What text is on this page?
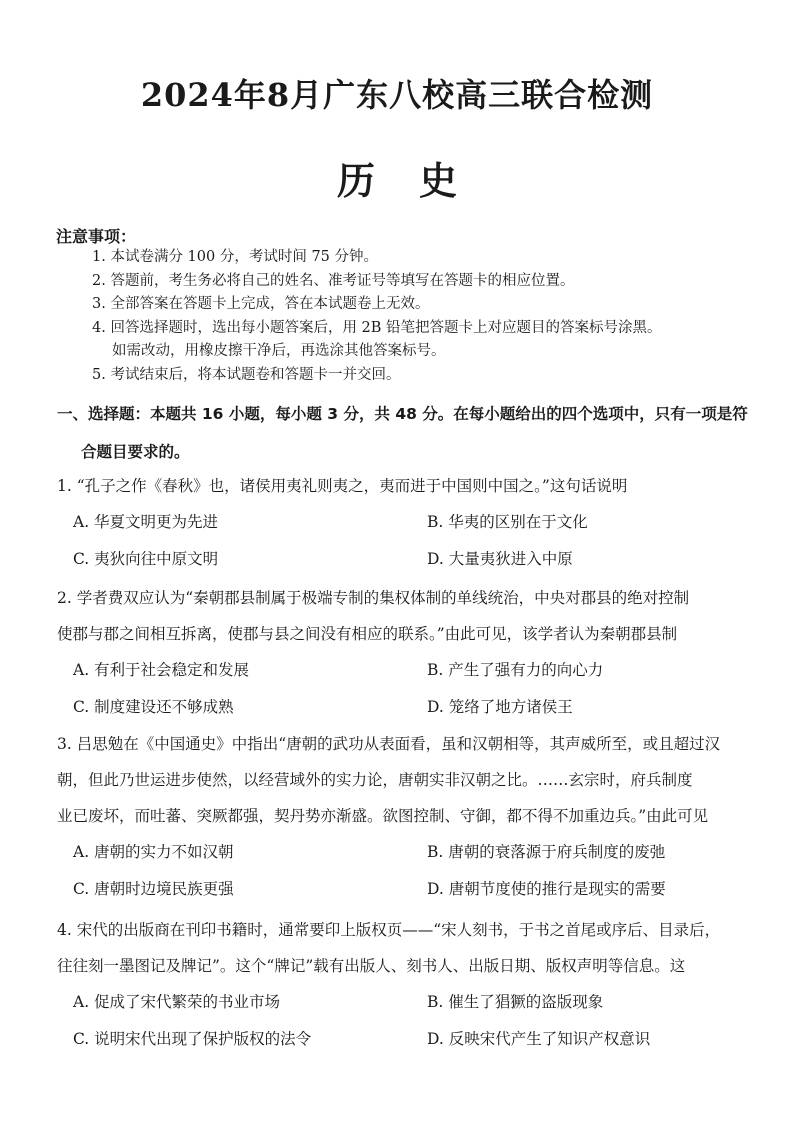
2024年8月广东八校高三联合检测
历史
注意事项：
1. 本试卷满分 100 分，考试时间 75 分钟。
2. 答题前，考生务必将自己的姓名、准考证号等填写在答题卡的相应位置。
3. 全部答案在答题卡上完成，答在本试题卷上无效。
4. 回答选择题时，选出每小题答案后，用 2B 铅笔把答题卡上对应题目的答案标号涂黑。
如需改动，用橡皮擦干净后，再选涂其他答案标号。
5. 考试结束后，将本试题卷和答题卡一并交回。
一、选择题：本题共 16 小题，每小题 3 分，共 48 分。在每小题给出的四个选项中，只有一项是符
合题目要求的。
1. “孔子之作《春秋》也，诸侯用夷礼则夷之，夷而进于中国则中国之。”这句话说明
A. 华夏文明更为先进	B. 华夷的区别在于文化
C. 夷狄向往中原文明	D. 大量夷狄进入中原
2. 学者费双应认为“秦朝郡县制属于极端专制的集权体制的单线统治，中央对郡县的绝对控制
使郡与郡之间相互拆离，使郡与县之间没有相应的联系。”由此可见，该学者认为秦朝郡县制
A. 有利于社会稳定和发展	B. 产生了强有力的向心力
C. 制度建设还不够成熟	D. 笼络了地方诸侯王
3. 吕思勉在《中国通史》中指出“唐朝的武功从表面看，虽和汉朝相等，其声威所至，或且超过汉
朝，但此乃世运进步使然，以经营域外的实力论，唐朝实非汉朝之比。……玄宗时，府兵制度
业已废坏，而吐蕃、突厥都强，契丹势亦渐盛。欲图控制、守御，都不得不加重边兵。”由此可见
A. 唐朝的实力不如汉朝	B. 唐朝的衰落源于府兵制度的废弛
C. 唐朝时边境民族更强	D. 唐朝节度使的推行是现实的需要
4. 宋代的出版商在刊印书籍时，通常要印上版权页——“宋人刻书，于书之首尾或序后、目录后，
往往刻一墨图记及牌记”。这个“牌记”载有出版人、刻书人、出版日期、版权声明等信息。这
A. 促成了宋代繁荣的书业市场	B. 催生了猖獗的盗版现象
C. 说明宋代出现了保护版权的法令	D. 反映宋代产生了知识产权意识
